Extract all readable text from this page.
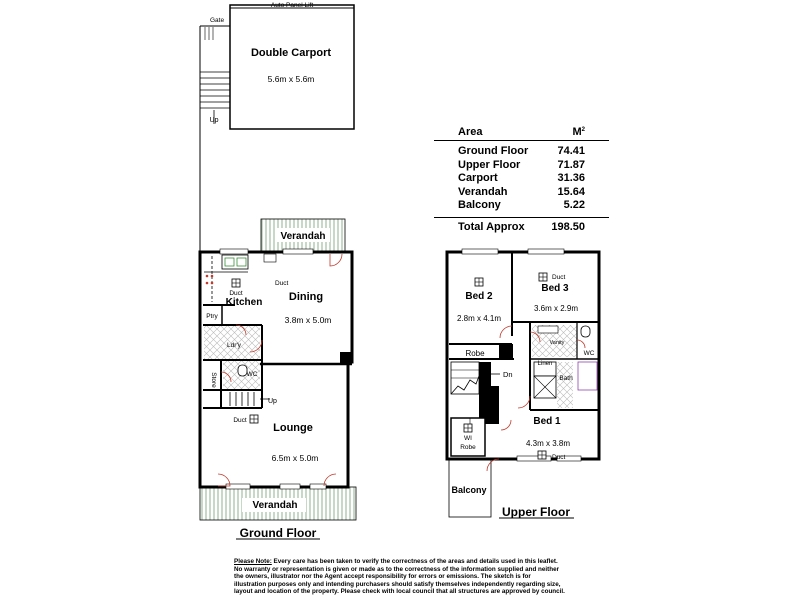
Auto Panel Lift
Gate
Double Carport
5.6m x 5.6m
Up
Verandah
Duct
Duct
Kitchen Dining
3.8m x 5.0m
Ptry
Ldr'y
Store	WC
Up
Duct
Lounge
6.5m x 5.0m
Verandah
Ground Floor
Bed 2
2.8m x 4.1m
Duct
Bed 3
3.6m x 2.9m
Robe
Vanity
WC
Linen
Bath
Dn
Bed 1
4.3m x 3.8m
Duct
WI
Robe
Balcony
Upper Floor
Area	$M^2$
Ground Floor	74.41
Upper Floor	71.87
Carport	31.36
Verandah	15.64
Balcony	5.22
Total Approx 198.50
Please Note: Every care has been taken to verify the correctness of the areas and details used in this leaflet.
No warranty or representation is given or made as to the correctness of the information supplied and neither
the owners, illustrator nor the Agent accept responsibility for errors or emissions. The sketch is for
illustration purposes only and intending purchasers should satisfy themselves independently regarding size,
layout and location of the property. Please check with local council that all structures are approved by council.
